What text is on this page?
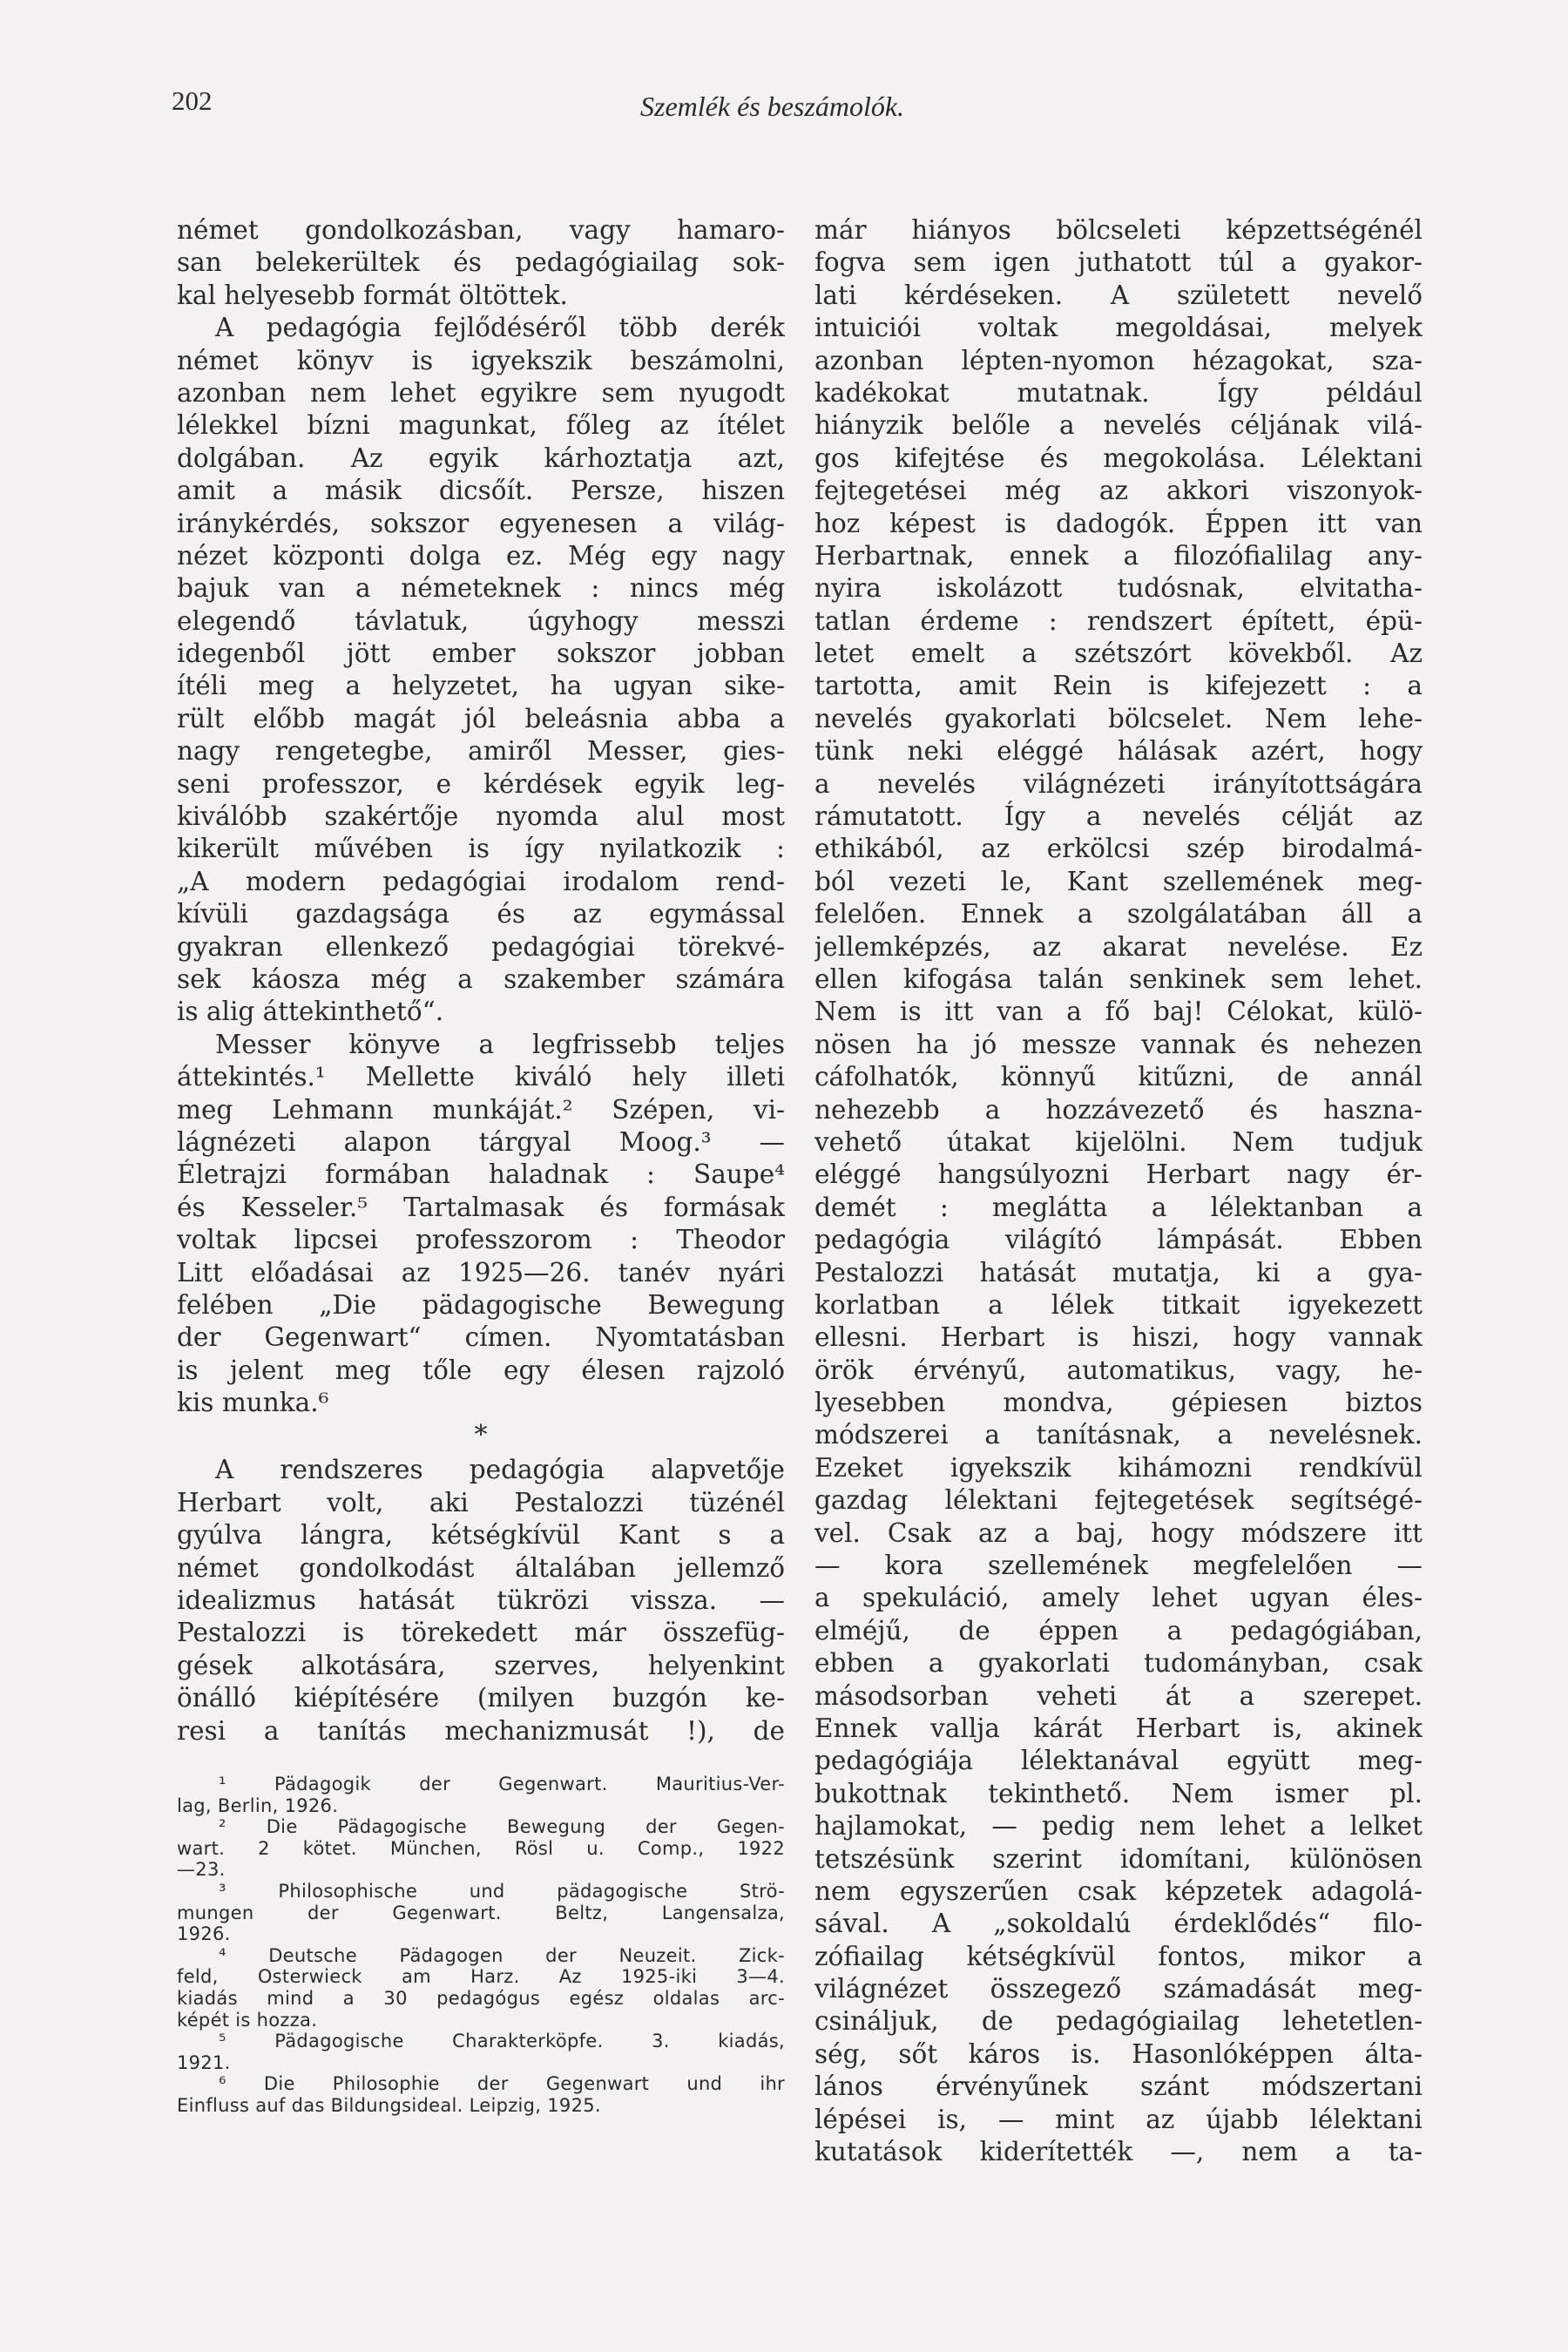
202	Szemlék és beszámolók.
német gondolkozásban, vagy hamaro-
san belekerültek és pedagógiailag sok-
kal helyesebb formát öltöttek.
A pedagógia fejlődéséről több derék
német könyv is igyekszik beszámolni,
azonban nem lehet egyikre sem nyugodt
lélekkel bízni magunkat, főleg az ítélet
dolgában. Az egyik kárhoztatja azt,
amit a másik dicsőít. Persze, hiszen
iránykérdés, sokszor egyenesen a világ-
nézet központi dolga ez. Még egy nagy
bajuk van a németeknek : nincs még
elegendő távlatuk, úgyhogy messzi
idegenből jött ember sokszor jobban
ítéli meg a helyzetet, ha ugyan sike-
rült előbb magát jól beleásnia abba a
nagy rengetegbe, amiről Messer, gies-
seni professzor, e kérdések egyik leg-
kiválóbb szakértője nyomda alul most
kikerült művében is így nyilatkozik :
„A modern pedagógiai irodalom rend-
kívüli gazdagsága és az egymással
gyakran ellenkező pedagógiai törekvé-
sek káosza még a szakember számára
is alig áttekinthető“.
Messer könyve a legfrissebb teljes
áttekintés.¹ Mellette kiváló hely illeti
meg Lehmann munkáját.² Szépen, vi-
lágnézeti alapon tárgyal Moog.³ —
Életrajzi formában haladnak : Saupe⁴
és Kesseler.⁵ Tartalmasak és formásak
voltak lipcsei professzorom : Theodor
Litt előadásai az 1925—26. tanév nyári
felében „Die pädagogische Bewegung
der Gegenwart“ címen. Nyomtatásban
is jelent meg tőle egy élesen rajzoló
kis munka.⁶
*
A rendszeres pedagógia alapvetője
Herbart volt, aki Pestalozzi tüzénél
gyúlva lángra, kétségkívül Kant s a
német gondolkodást általában jellemző
idealizmus hatását tükrözi vissza. —
Pestalozzi is törekedett már összefüg-
gések alkotására, szerves, helyenkint
önálló kiépítésére (milyen buzgón ke-
resi a tanítás mechanizmusát !), de
¹ Pädagogik der Gegenwart. Mauritius-Ver-
lag, Berlin, 1926.
² Die Pädagogische Bewegung der Gegen-
wart. 2 kötet. München, Rösl u. Comp., 1922
—23.
³ Philosophische und pädagogische Strö-
mungen der Gegenwart. Beltz, Langensalza,
1926.
⁴ Deutsche Pädagogen der Neuzeit. Zick-
feld, Osterwieck am Harz. Az 1925-iki 3—4.
kiadás mind a 30 pedagógus egész oldalas arc-
képét is hozza.
⁵ Pädagogische Charakterköpfe. 3. kiadás,
1921.
⁶ Die Philosophie der Gegenwart und ihr
Einfluss auf das Bildungsideal. Leipzig, 1925.
már hiányos bölcseleti képzettségénél
fogva sem igen juthatott túl a gyakor-
lati kérdéseken. A született nevelő
intuiciói voltak megoldásai, melyek
azonban lépten-nyomon hézagokat, sza-
kadékokat mutatnak. Így például
hiányzik belőle a nevelés céljának vilá-
gos kifejtése és megokolása. Lélektani
fejtegetései még az akkori viszonyok-
hoz képest is dadogók. Éppen itt van
Herbartnak, ennek a filozófialilag any-
nyira iskolázott tudósnak, elvitatha-
tatlan érdeme : rendszert épített, épü-
letet emelt a szétszórt kövekből. Az
tartotta, amit Rein is kifejezett : a
nevelés gyakorlati bölcselet. Nem lehe-
tünk neki eléggé hálásak azért, hogy
a nevelés világnézeti irányítottságára
rámutatott. Így a nevelés célját az
ethikából, az erkölcsi szép birodalmá-
ból vezeti le, Kant szellemének meg-
felelően. Ennek a szolgálatában áll a
jellemképzés, az akarat nevelése. Ez
ellen kifogása talán senkinek sem lehet.
Nem is itt van a fő baj! Célokat, külö-
nösen ha jó messze vannak és nehezen
cáfolhatók, könnyű kitűzni, de annál
nehezebb a hozzávezető és haszna-
vehető útakat kijelölni. Nem tudjuk
eléggé hangsúlyozni Herbart nagy ér-
demét : meglátta a lélektanban a
pedagógia világító lámpását. Ebben
Pestalozzi hatását mutatja, ki a gya-
korlatban a lélek titkait igyekezett
ellesni. Herbart is hiszi, hogy vannak
örök érvényű, automatikus, vagy, he-
lyesebben mondva, gépiesen biztos
módszerei a tanításnak, a nevelésnek.
Ezeket igyekszik kihámozni rendkívül
gazdag lélektani fejtegetések segítségé-
vel. Csak az a baj, hogy módszere itt
— kora szellemének megfelelően —
a spekuláció, amely lehet ugyan éles-
elméjű, de éppen a pedagógiában,
ebben a gyakorlati tudományban, csak
másodsorban veheti át a szerepet.
Ennek vallja kárát Herbart is, akinek
pedagógiája lélektanával együtt meg-
bukottnak tekinthető. Nem ismer pl.
hajlamokat, — pedig nem lehet a lelket
tetszésünk szerint idomítani, különösen
nem egyszerűen csak képzetek adagolá-
sával. A „sokoldalú érdeklődés“ filo-
zófiailag kétségkívül fontos, mikor a
világnézet összegező számadását meg-
csináljuk, de pedagógiailag lehetetlen-
ség, sőt káros is. Hasonlóképpen álta-
lános érvényűnek szánt módszertani
lépései is, — mint az újabb lélektani
kutatások kiderítették —, nem a ta-
